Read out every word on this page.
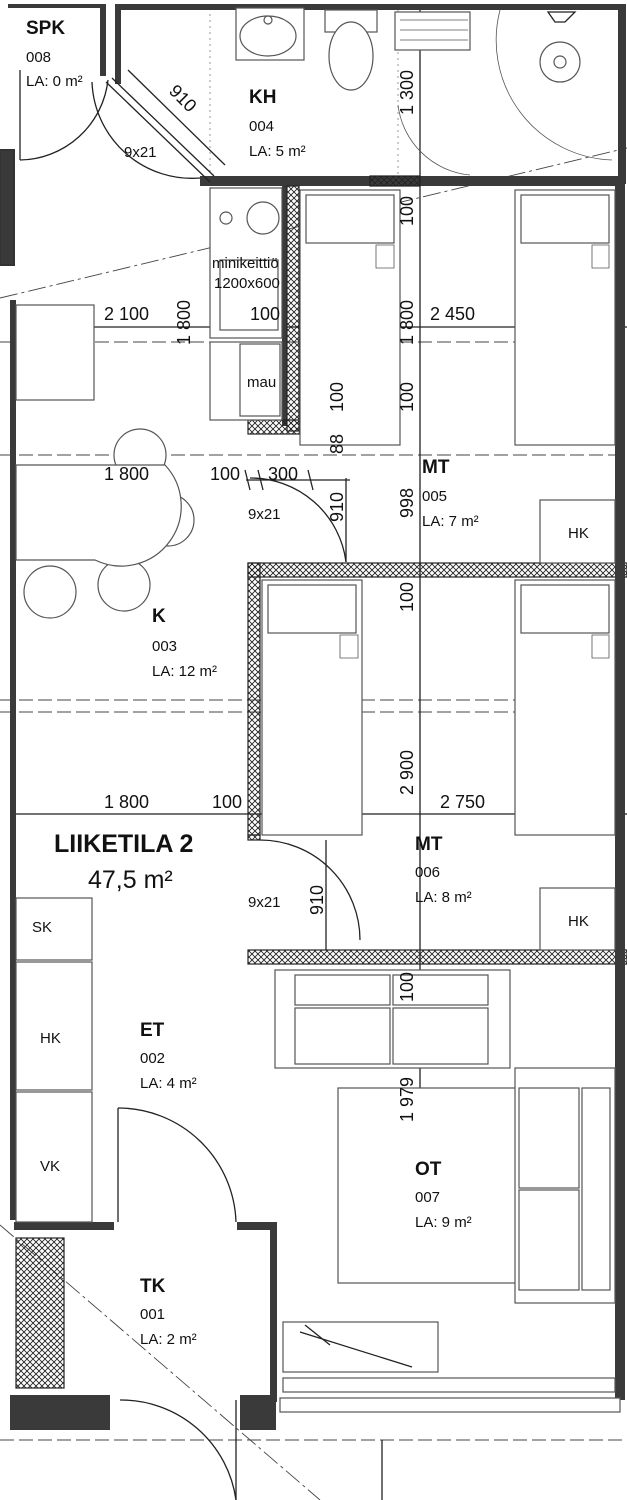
SPK
008
LA: 0 m²
KH
004
LA: 5 m²
K
003
LA: 12 m²
MT
005
LA: 7 m²
MT
006
LA: 8 m²
ET
002
LA: 4 m²
OT
007
LA: 9 m²
TK
001
LA: 2 m²
LIIKETILA 2
47,5 m²
minikeittiö
1200x600
mau
HK
HK
SK
HK
VK
9x21
9x21
9x21
910	1 300
100
1 800	1 800
2 100	100	2 450
100	100
88
1 800	100 300
910	998
100
2 900
1 800	100	2 750
910
100
1 979
